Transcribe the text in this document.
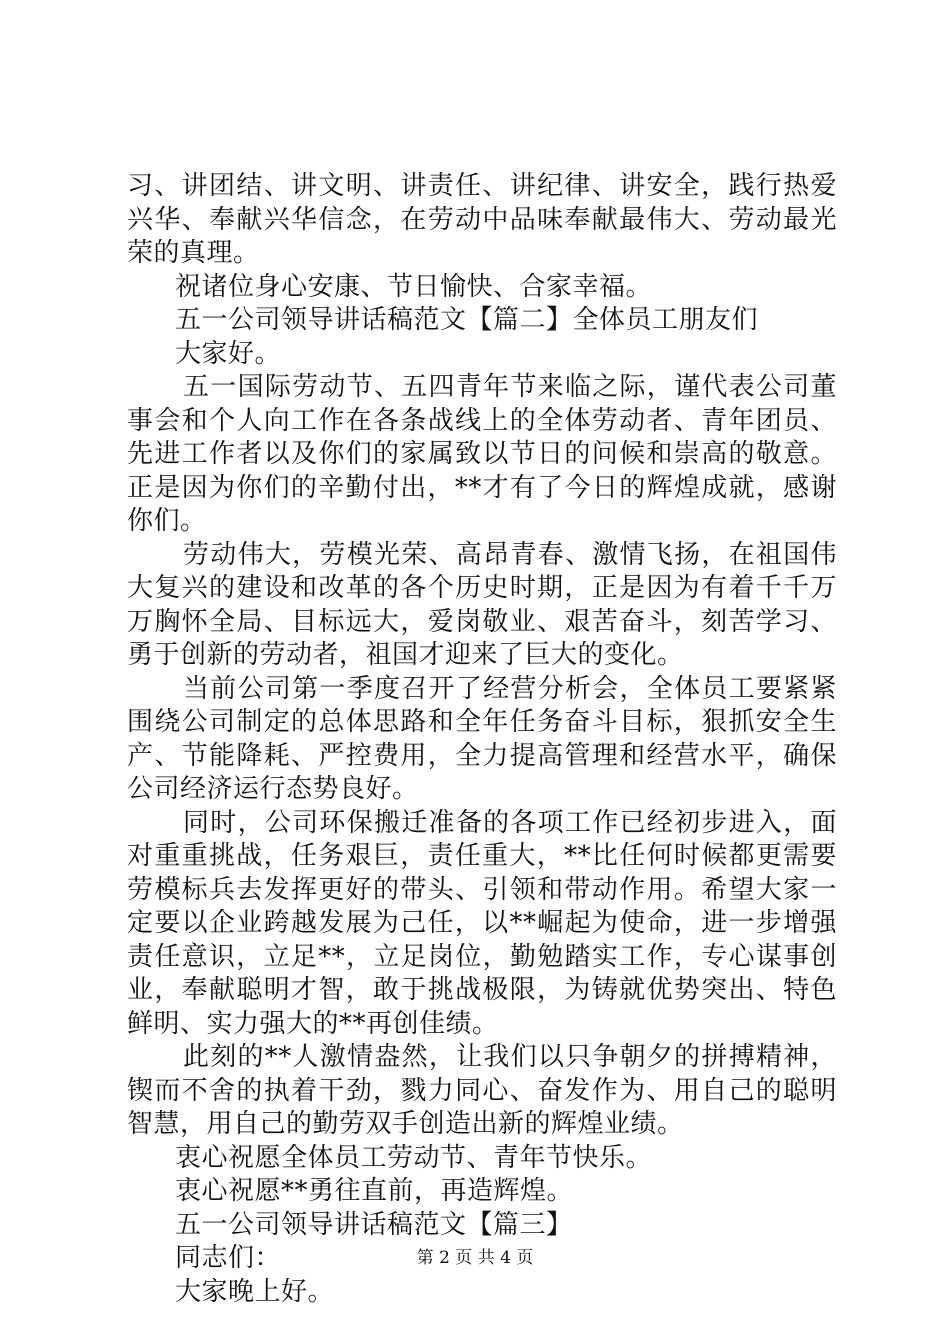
习、讲团结、讲文明、讲责任、讲纪律、讲安全，践行热爱兴华、奉献兴华信念，在劳动中品味奉献最伟大、劳动最光荣的真理。

祝诸位身心安康、节日愉快、合家幸福。

五一公司领导讲话稿范文【篇二】全体员工朋友们

大家好。

五一国际劳动节、五四青年节来临之际，谨代表公司董事会和个人向工作在各条战线上的全体劳动者、青年团员、先进工作者以及你们的家属致以节日的问候和崇高的敬意。正是因为你们的辛勤付出，**才有了今日的辉煌成就，感谢你们。

劳动伟大，劳模光荣、高昂青春、激情飞扬，在祖国伟大复兴的建设和改革的各个历史时期，正是因为有着千千万万胸怀全局、目标远大，爱岗敬业、艰苦奋斗，刻苦学习、勇于创新的劳动者，祖国才迎来了巨大的变化。

当前公司第一季度召开了经营分析会，全体员工要紧紧围绕公司制定的总体思路和全年任务奋斗目标，狠抓安全生产、节能降耗、严控费用，全力提高管理和经营水平，确保公司经济运行态势良好。

同时，公司环保搬迁准备的各项工作已经初步进入，面对重重挑战，任务艰巨，责任重大，**比任何时候都更需要劳模标兵去发挥更好的带头、引领和带动作用。希望大家一定要以企业跨越发展为己任，以**崛起为使命，进一步增强责任意识，立足**，立足岗位，勤勉踏实工作，专心谋事创业，奉献聪明才智，敢于挑战极限，为铸就优势突出、特色鲜明、实力强大的**再创佳绩。

此刻的**人激情盎然，让我们以只争朝夕的拼搏精神，锲而不舍的执着干劲，戮力同心、奋发作为、用自己的聪明智慧，用自己的勤劳双手创造出新的辉煌业绩。

衷心祝愿全体员工劳动节、青年节快乐。

衷心祝愿**勇往直前，再造辉煌。

五一公司领导讲话稿范文【篇三】

同志们：

大家晚上好。

第 2 页 共 4 页
